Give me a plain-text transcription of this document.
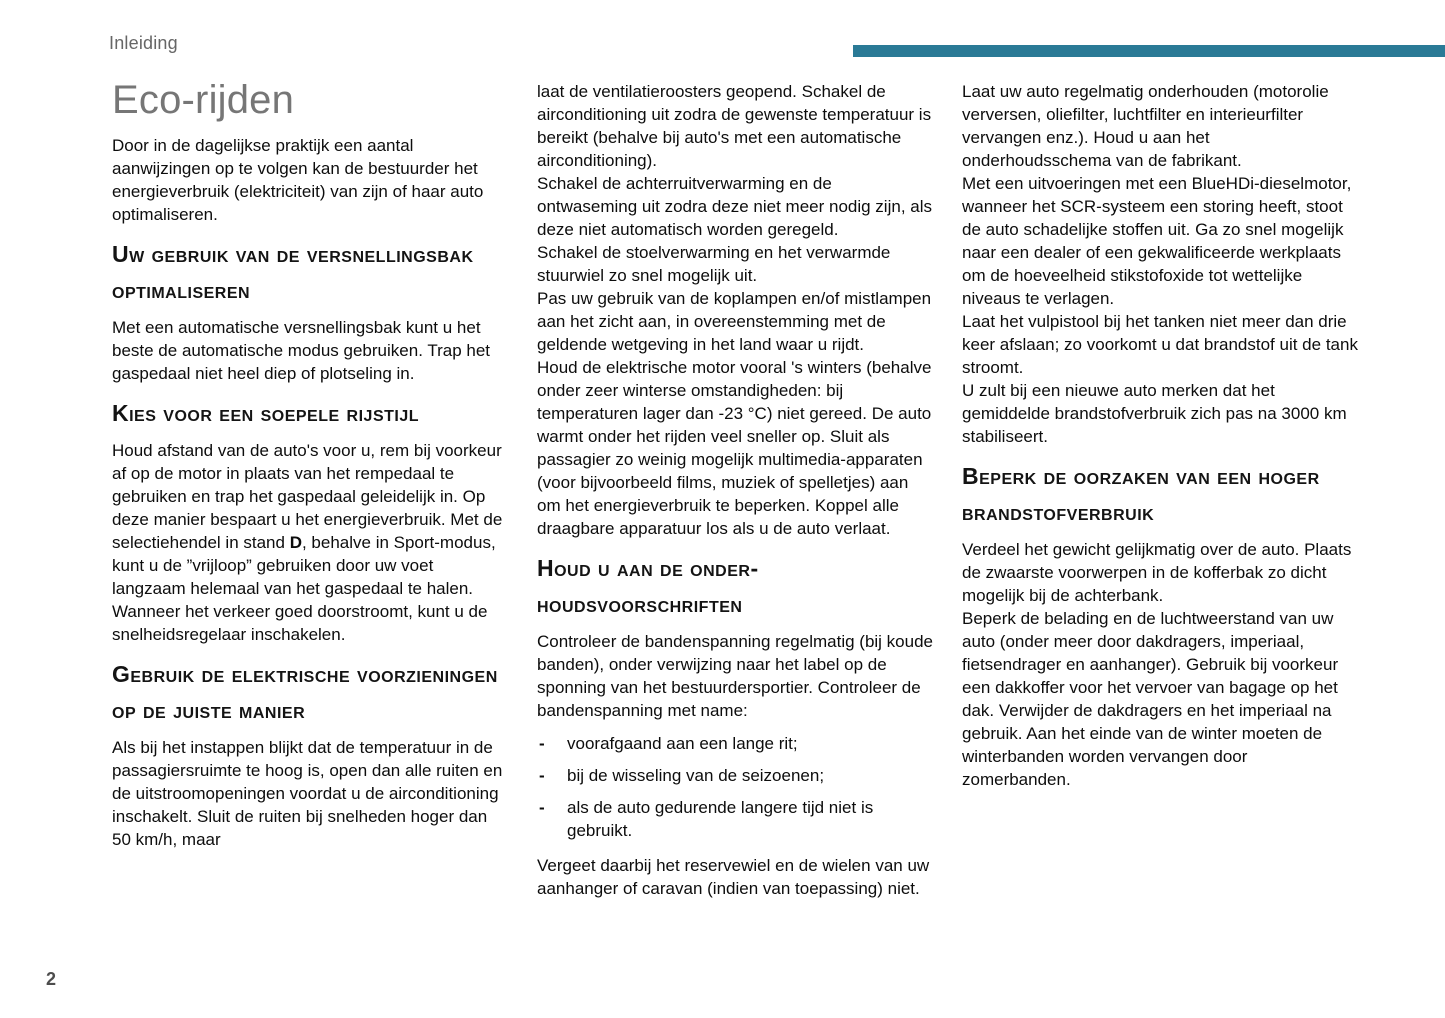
Inleiding
Eco-rijden

Door in de dagelijkse praktijk een aantal aanwijzingen op te volgen kan de bestuurder het energieverbruik (elektriciteit) van zijn of haar auto optimaliseren.

Uw gebruik van de versnellingsbak optimaliseren

Met een automatische versnellingsbak kunt u het beste de automatische modus gebruiken. Trap het gaspedaal niet heel diep of plotseling in.

Kies voor een soepele rijstijl

Houd afstand van de auto's voor u, rem bij voorkeur af op de motor in plaats van het rempedaal te gebruiken en trap het gaspedaal geleidelijk in. Op deze manier bespaart u het energieverbruik. Met de selectiehendel in stand D, behalve in Sport-modus, kunt u de ”vrijloop” gebruiken door uw voet langzaam helemaal van het gaspedaal te halen.

Wanneer het verkeer goed doorstroomt, kunt u de snelheidsregelaar inschakelen.

Gebruik de elektrische voorzieningen op de juiste manier

Als bij het instappen blijkt dat de temperatuur in de passagiersruimte te hoog is, open dan alle ruiten en de uitstroomopeningen voordat u de airconditioning inschakelt. Sluit de ruiten bij snelheden hoger dan 50 km/h, maar

laat de ventilatieroosters geopend. Schakel de airconditioning uit zodra de gewenste temperatuur is bereikt (behalve bij auto's met een automatische airconditioning).

Schakel de achterruitverwarming en de ontwaseming uit zodra deze niet meer nodig zijn, als deze niet automatisch worden geregeld.

Schakel de stoelverwarming en het verwarmde stuurwiel zo snel mogelijk uit.

Pas uw gebruik van de koplampen en/of mistlampen aan het zicht aan, in overeenstemming met de geldende wetgeving in het land waar u rijdt.

Houd de elektrische motor vooral 's winters (behalve onder zeer winterse omstandigheden: bij temperaturen lager dan -23 °C) niet gereed. De auto warmt onder het rijden veel sneller op. Sluit als passagier zo weinig mogelijk multimedia-apparaten (voor bijvoorbeeld films, muziek of spelletjes) aan om het energieverbruik te beperken. Koppel alle draagbare apparatuur los als u de auto verlaat.

Houd u aan de onderhoudsvoorschriften

Controleer de bandenspanning regelmatig (bij koude banden), onder verwijzing naar het label op de sponning van het bestuurdersportier. Controleer de bandenspanning met name:

- voorafgaand aan een lange rit;
- bij de wisseling van de seizoenen;
- als de auto gedurende langere tijd niet is gebruikt.

Vergeet daarbij het reservewiel en de wielen van uw aanhanger of caravan (indien van toepassing) niet.

Laat uw auto regelmatig onderhouden (motorolie verversen, oliefilter, luchtfilter en interieurfilter vervangen enz.). Houd u aan het onderhoudsschema van de fabrikant.

Met een uitvoeringen met een BlueHDi-dieselmotor, wanneer het SCR-systeem een storing heeft, stoot de auto schadelijke stoffen uit. Ga zo snel mogelijk naar een dealer of een gekwalificeerde werkplaats om de hoeveelheid stikstofoxide tot wettelijke niveaus te verlagen.

Laat het vulpistool bij het tanken niet meer dan drie keer afslaan; zo voorkomt u dat brandstof uit de tank stroomt.

U zult bij een nieuwe auto merken dat het gemiddelde brandstofverbruik zich pas na 3000 km stabiliseert.

Beperk de oorzaken van een hoger brandstofverbruik

Verdeel het gewicht gelijkmatig over de auto. Plaats de zwaarste voorwerpen in de kofferbak zo dicht mogelijk bij de achterbank.

Beperk de belading en de luchtweerstand van uw auto (onder meer door dakdragers, imperiaal, fietsendrager en aanhanger). Gebruik bij voorkeur een dakkoffer voor het vervoer van bagage op het dak. Verwijder de dakdragers en het imperiaal na gebruik. Aan het einde van de winter moeten de winterbanden worden vervangen door zomerbanden.

2
